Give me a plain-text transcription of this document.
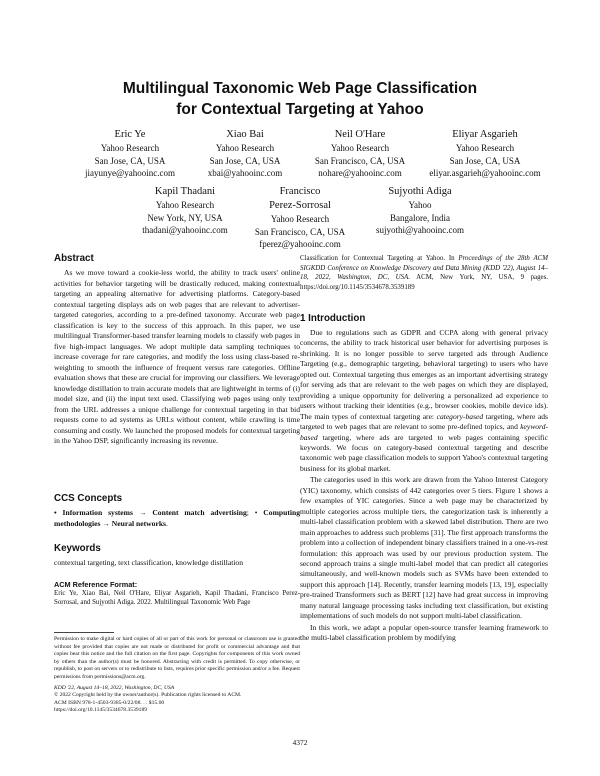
Multilingual Taxonomic Web Page Classification
for Contextual Targeting at Yahoo
Eric Ye
Yahoo Research
San Jose, CA, USA
jiayunye@yahooinc.com
Xiao Bai
Yahoo Research
San Jose, CA, USA
xbai@yahooinc.com
Neil O'Hare
Yahoo Research
San Francisco, CA, USA
nohare@yahooinc.com
Eliyar Asgarieh
Yahoo Research
San Jose, CA, USA
eliyar.asgarieh@yahooinc.com
Kapil Thadani
Yahoo Research
New York, NY, USA
thadani@yahooinc.com
Francisco
Perez-Sorrosal
Yahoo Research
San Francisco, CA, USA
fperez@yahooinc.com
Sujyothi Adiga
Yahoo
Bangalore, India
sujyothi@yahooinc.com
Abstract

As we move toward a cookie-less world, the ability to track users' online activities for behavior targeting will be drastically reduced, making contextual targeting an appealing alternative for advertising platforms. Category-based contextual targeting displays ads on web pages that are relevant to advertiser-targeted categories, according to a pre-defined taxonomy. Accurate web page classification is key to the success of this approach. In this paper, we use multilingual Transformer-based transfer learning models to classify web pages in five high-impact languages. We adopt multiple data sampling techniques to increase coverage for rare categories, and modify the loss using class-based re-weighting to smooth the influence of frequent versus rare categories. Offline evaluation shows that these are crucial for improving our classifiers. We leverage knowledge distillation to train accurate models that are lightweight in terms of (i) model size, and (ii) the input text used. Classifying web pages using only text from the URL addresses a unique challenge for contextual targeting in that bid requests come to ad systems as URLs without content, while crawling is time consuming and costly. We launched the proposed models for contextual targeting in the Yahoo DSP, significantly increasing its revenue.

CCS Concepts

• Information systems → Content match advertising; • Computing methodologies → Neural networks.

Keywords

contextual targeting, text classification, knowledge distillation

ACM Reference Format:

Eric Ye, Xiao Bai, Neil O'Hare, Eliyar Asgarieh, Kapil Thadani, Francisco Perez-Sorrosal, and Sujyothi Adiga. 2022. Multilingual Taxonomic Web Page

Permission to make digital or hard copies of all or part of this work for personal or classroom use is granted without fee provided that copies are not made or distributed for profit or commercial advantage and that copies bear this notice and the full citation on the first page. Copyrights for components of this work owned by others than the author(s) must be honored. Abstracting with credit is permitted. To copy otherwise, or republish, to post on servers or to redistribute to lists, requires prior specific permission and/or a fee. Request permissions from permissions@acm.org.

KDD '22, August 14–18, 2022, Washington, DC, USA
© 2022 Copyright held by the owner/author(s). Publication rights licensed to ACM.
ACM ISBN 978-1-4503-9385-0/22/08. . . $15.00
https://doi.org/10.1145/3534678.3539189

Classification for Contextual Targeting at Yahoo. In Proceedings of the 28th ACM SIGKDD Conference on Knowledge Discovery and Data Mining (KDD '22), August 14–18, 2022, Washington, DC, USA. ACM, New York, NY, USA, 9 pages. https://doi.org/10.1145/3534678.3539189

1 Introduction

Due to regulations such as GDPR and CCPA along with general privacy concerns, the ability to track historical user behavior for advertising purposes is shrinking. It is no longer possible to serve targeted ads through Audience Targeting (e.g., demographic targeting, behavioral targeting) to users who have opted out. Contextual targeting thus emerges as an important advertising strategy for serving ads that are relevant to the web pages on which they are displayed, providing a unique opportunity for delivering a personalized ad experience to users without tracking their identities (e.g., browser cookies, mobile device ids). The main types of contextual targeting are: category-based targeting, where ads targeted to web pages that are relevant to some pre-defined topics, and keyword-based targeting, where ads are targeted to web pages containing specific keywords. We focus on category-based contextual targeting and describe taxonomic web page classification models to support Yahoo's contextual targeting business for its global market.

The categories used in this work are drawn from the Yahoo Interest Category (YIC) taxonomy, which consists of 442 categories over 5 tiers. Figure 1 shows a few examples of YIC categories. Since a web page may be characterized by multiple categories across multiple tiers, the categorization task is inherently a multi-label classification problem with a skewed label distribution. There are two main approaches to address such problems [31]. The first approach transforms the problem into a collection of independent binary classifiers trained in a one-vs-rest formulation: this approach was used by our previous production system. The second approach trains a single multi-label model that can predict all categories simultaneously, and well-known models such as SVMs have been extended to support this approach [14]. Recently, transfer learning models [13, 19], especially pre-trained Transformers such as BERT [12] have had great success in improving many natural language processing tasks including text classification, but existing implementations of such models do not support multi-label classification.

In this work, we adapt a popular open-source transfer learning framework to the multi-label classification problem by modifying

4372
